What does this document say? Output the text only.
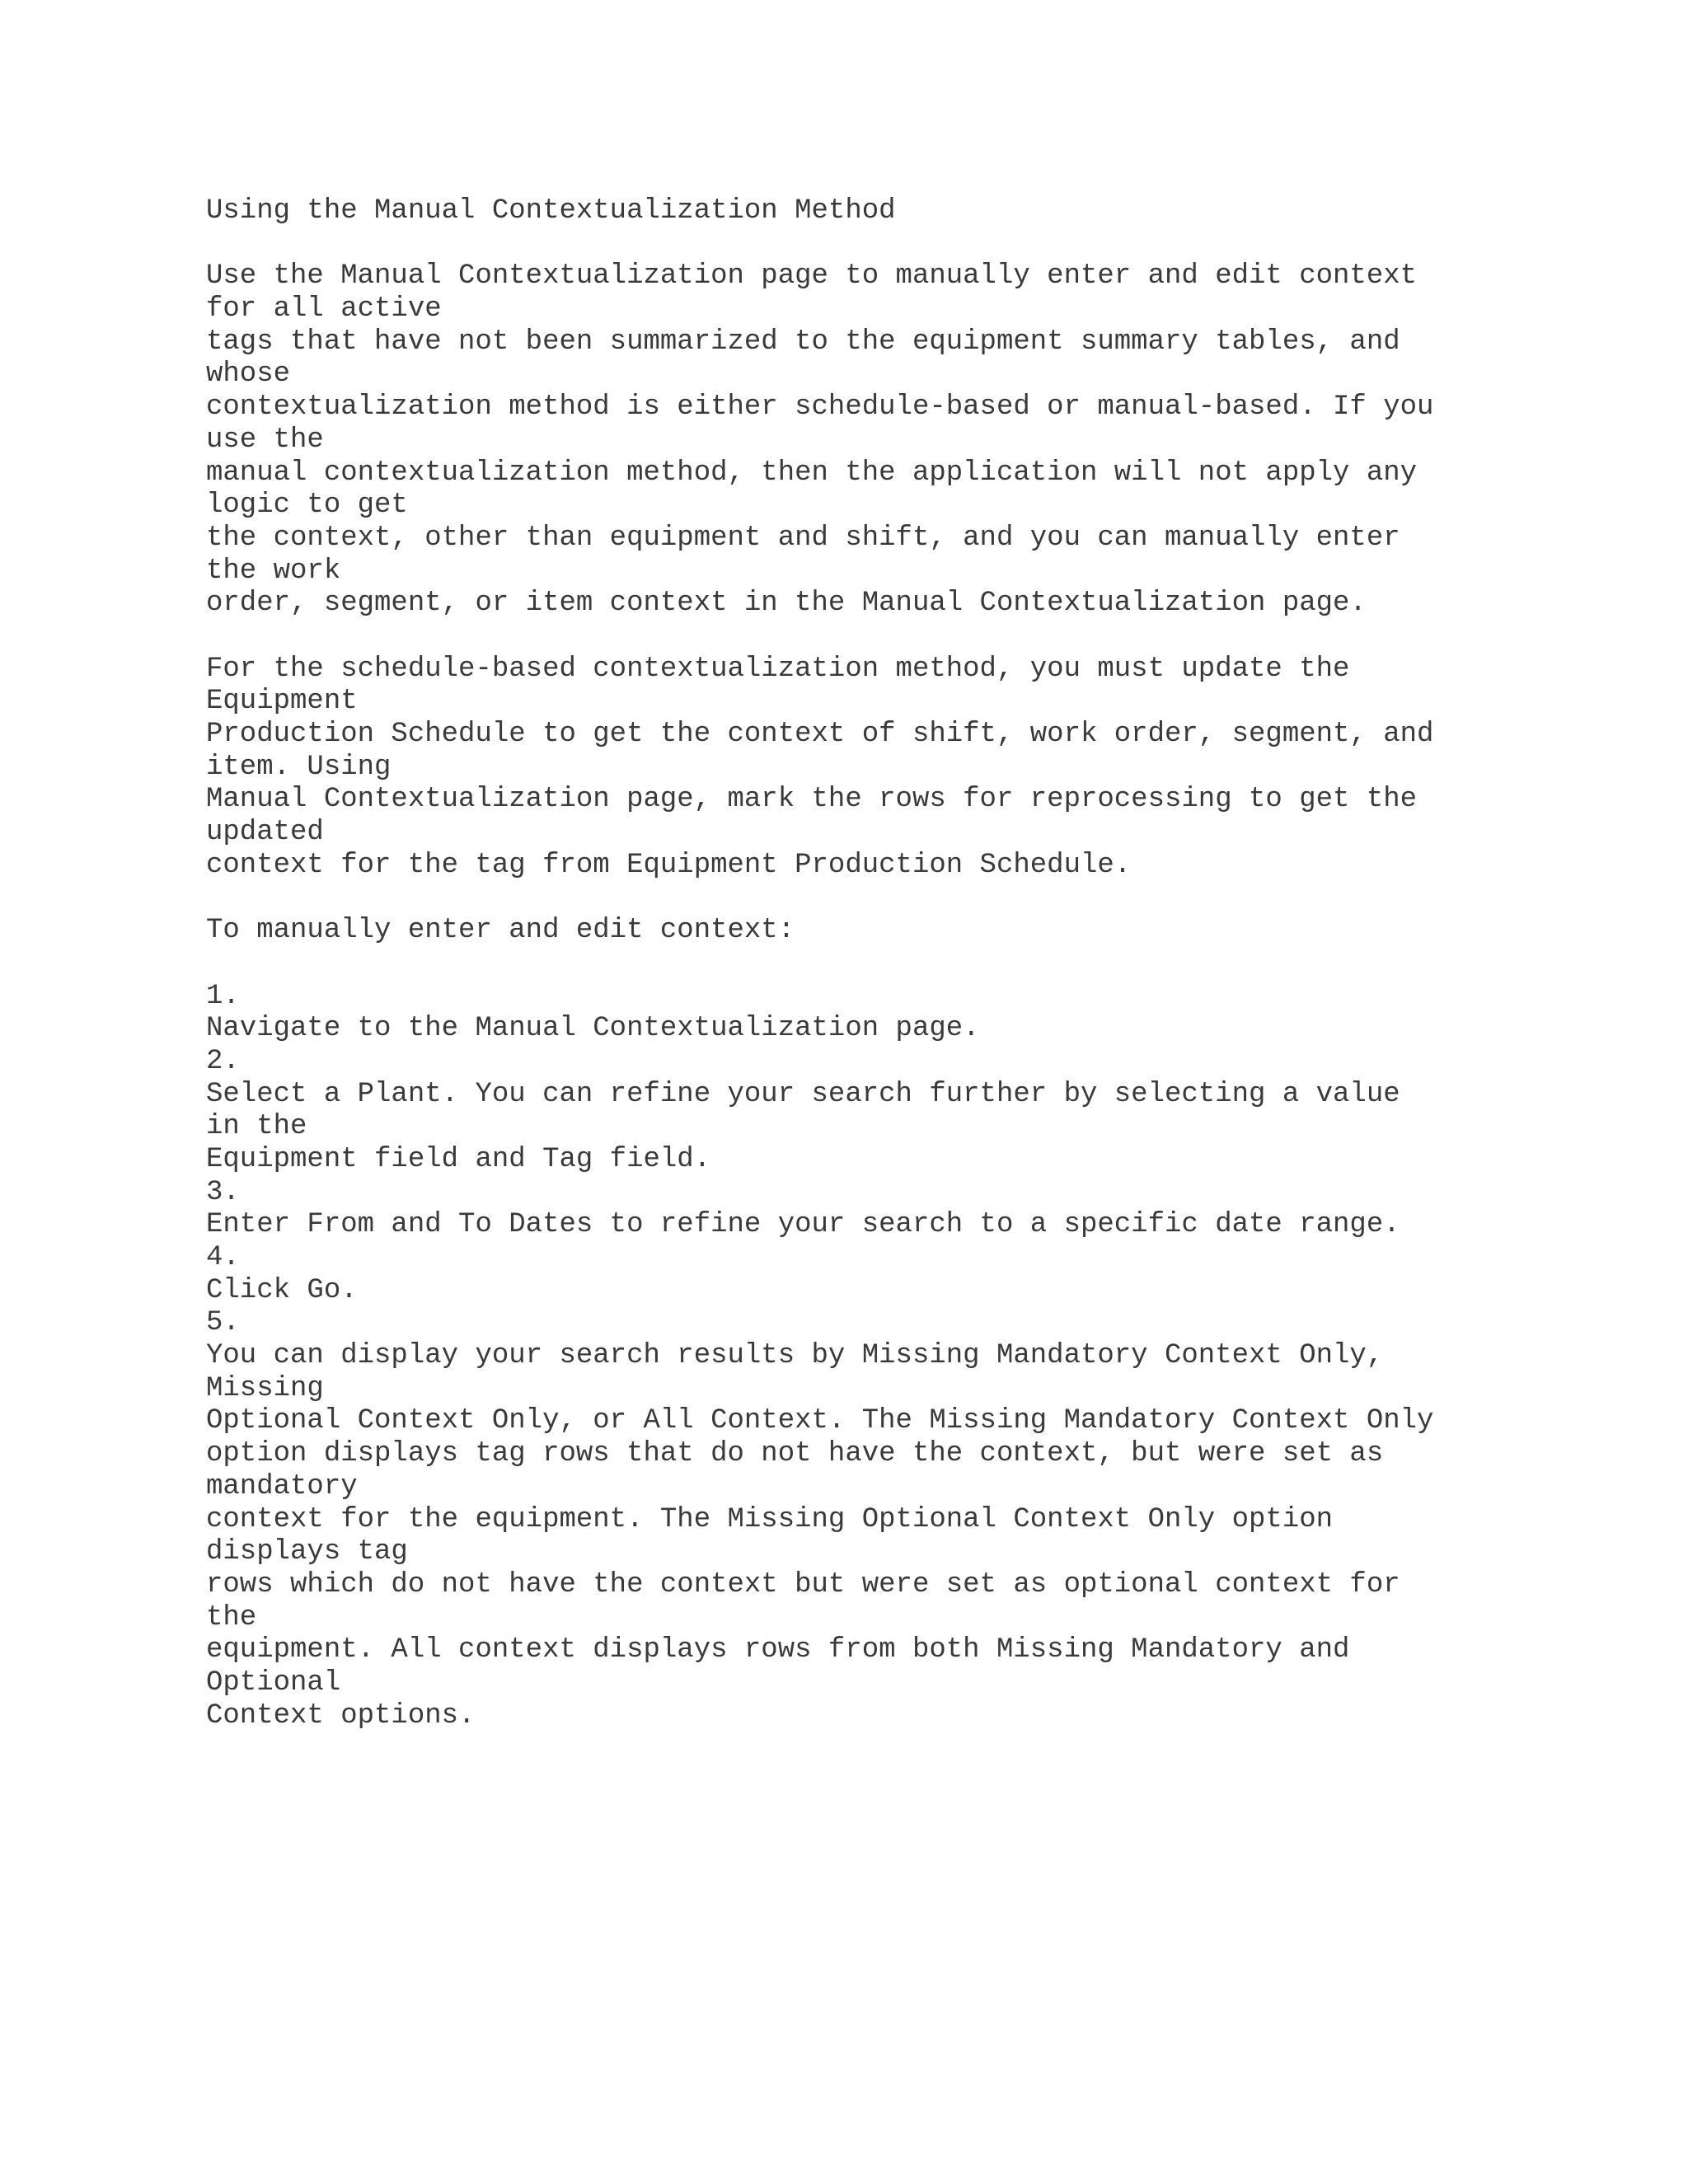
Using the Manual Contextualization Method
Use the Manual Contextualization page to manually enter and edit context
for all active
tags that have not been summarized to the equipment summary tables, and
whose
contextualization method is either schedule-based or manual-based. If you
use the
manual contextualization method, then the application will not apply any
logic to get
the context, other than equipment and shift, and you can manually enter
the work
order, segment, or item context in the Manual Contextualization page.
For the schedule-based contextualization method, you must update the
Equipment
Production Schedule to get the context of shift, work order, segment, and
item. Using
Manual Contextualization page, mark the rows for reprocessing to get the
updated
context for the tag from Equipment Production Schedule.
To manually enter and edit context:
1.
Navigate to the Manual Contextualization page.
2.
Select a Plant. You can refine your search further by selecting a value
in the
Equipment field and Tag field.
3.
Enter From and To Dates to refine your search to a specific date range.
4.
Click Go.
5.
You can display your search results by Missing Mandatory Context Only,
Missing
Optional Context Only, or All Context. The Missing Mandatory Context Only
option displays tag rows that do not have the context, but were set as
mandatory
context for the equipment. The Missing Optional Context Only option
displays tag
rows which do not have the context but were set as optional context for
the
equipment. All context displays rows from both Missing Mandatory and
Optional
Context options.
